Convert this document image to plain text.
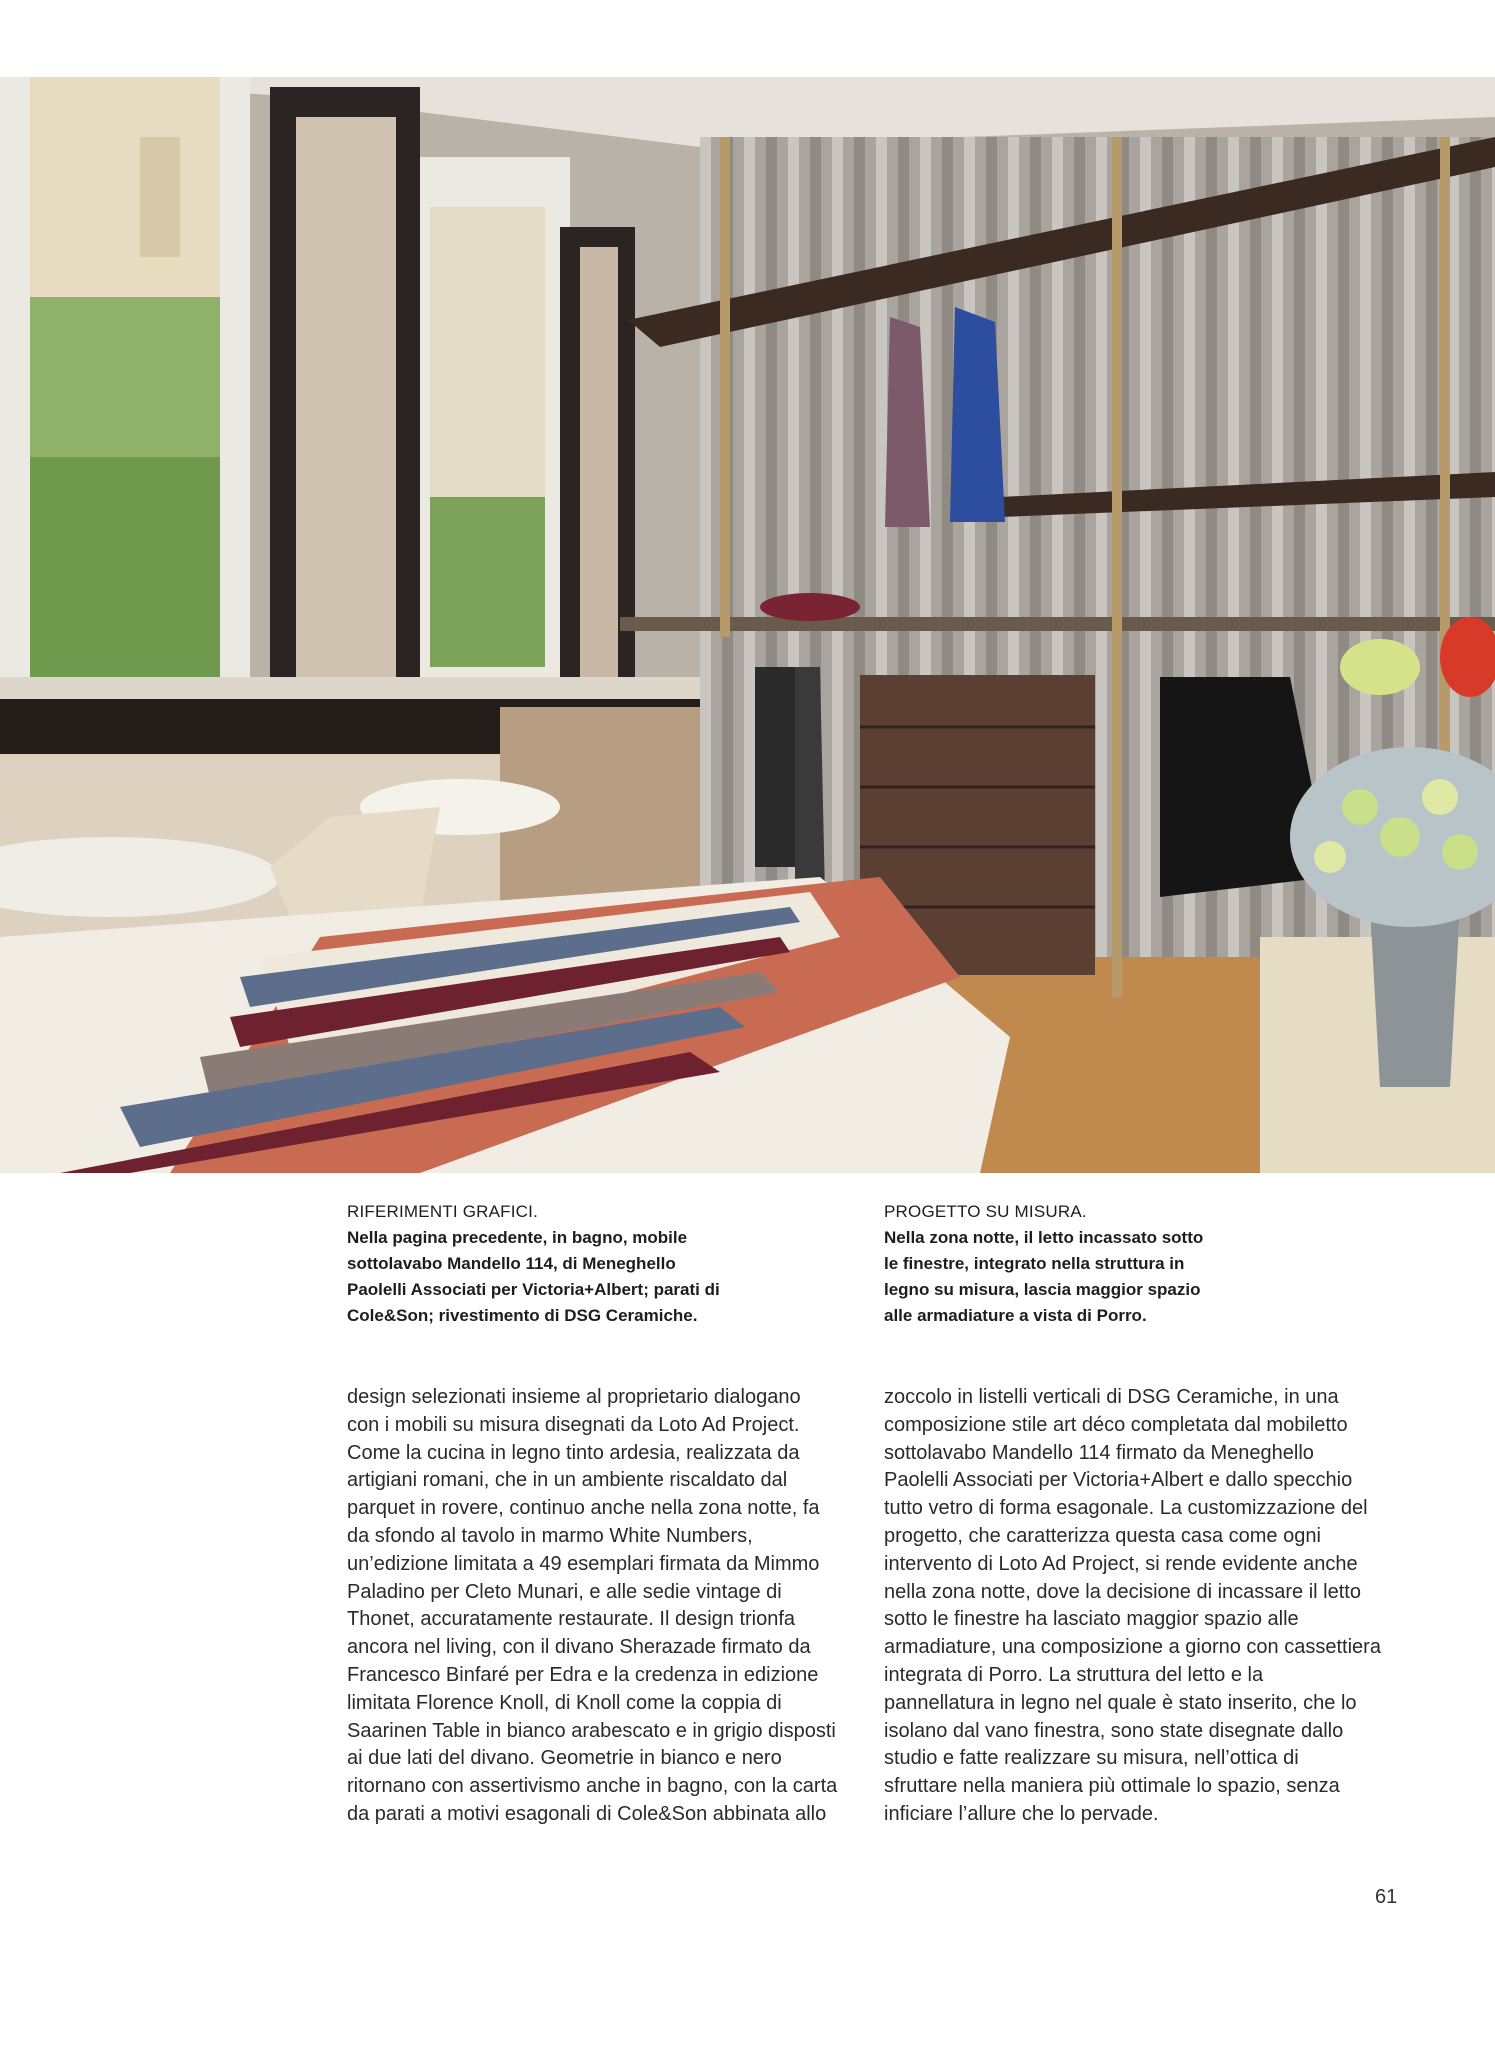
RIFERIMENTI GRAFICI.
Nella pagina precedente, in bagno, mobile
sottolavabo Mandello 114, di Meneghello
Paolelli Associati per Victoria+Albert; parati di
Cole&Son; rivestimento di DSG Ceramiche.
PROGETTO SU MISURA.
Nella zona notte, il letto incassato sotto
le finestre, integrato nella struttura in
legno su misura, lascia maggior spazio
alle armadiature a vista di Porro.

design selezionati insieme al proprietario dialogano

con i mobili su misura disegnati da Loto Ad Project.

Come la cucina in legno tinto ardesia, realizzata da

artigiani romani, che in un ambiente riscaldato dal

parquet in rovere, continuo anche nella zona notte, fa

da sfondo al tavolo in marmo White Numbers,

un’edizione limitata a 49 esemplari firmata da Mimmo

Paladino per Cleto Munari, e alle sedie vintage di

Thonet, accuratamente restaurate. Il design trionfa

ancora nel living, con il divano Sherazade firmato da

Francesco Binfaré per Edra e la credenza in edizione

limitata Florence Knoll, di Knoll come la coppia di

Saarinen Table in bianco arabescato e in grigio disposti

ai due lati del divano. Geometrie in bianco e nero

ritornano con assertivismo anche in bagno, con la carta

da parati a motivi esagonali di Cole&Son abbinata allo

zoccolo in listelli verticali di DSG Ceramiche, in una

composizione stile art déco completata dal mobiletto

sottolavabo Mandello 114 firmato da Meneghello

Paolelli Associati per Victoria+Albert e dallo specchio

tutto vetro di forma esagonale. La customizzazione del

progetto, che caratterizza questa casa come ogni

intervento di Loto Ad Project, si rende evidente anche

nella zona notte, dove la decisione di incassare il letto

sotto le finestre ha lasciato maggior spazio alle

armadiature, una composizione a giorno con cassettiera

integrata di Porro. La struttura del letto e la

pannellatura in legno nel quale è stato inserito, che lo

isolano dal vano finestra, sono state disegnate dallo

studio e fatte realizzare su misura, nell’ottica di

sfruttare nella maniera più ottimale lo spazio, senza

inficiare l’allure che lo pervade.

61
